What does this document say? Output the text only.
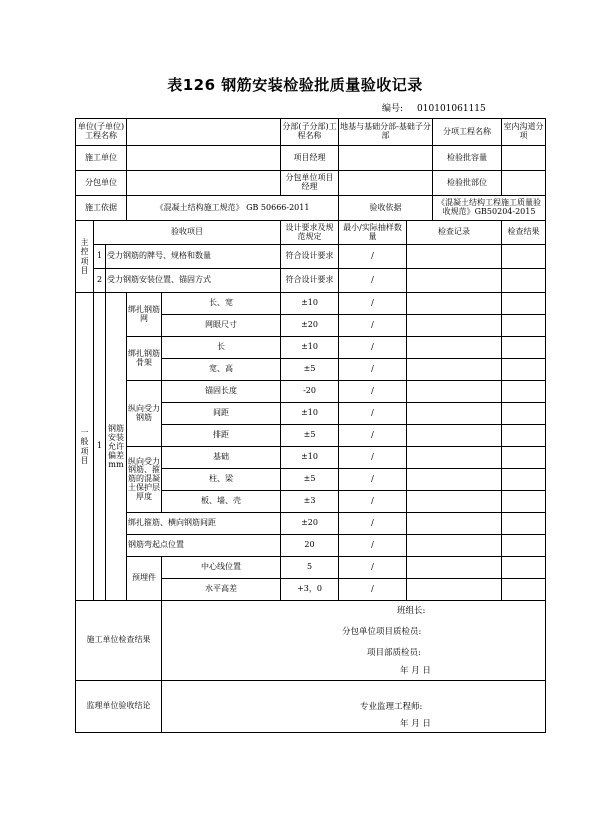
表126 钢筋安装检验批质量验收记录
编号: 010101061115
单位(子单位)工程名称					分部(子分部)工程名称	地基与基础分部-基础子分部		分项工程名称	室内沟道分项
施工单位					项目经理			检验批容量	
分包单位					分包单位项目经理			检验批部位	
施工依据			《混凝土结构施工规范》 GB 50666-2011			验收依据		《混凝土结构工程施工质量验收规范》GB50204-2015	
主控项目	验收项目				设计要求及规范规定	最小/实际抽样数量	检查记录		检查结果
	1	受力钢筋的牌号、规格和数量			符合设计要求	/			
	2	受力钢筋安装位置、锚固方式			符合设计要求	/			
一般项目	1	钢筋安装允许偏差mm	绑扎钢筋网	长、宽	±10	/			
				网眼尺寸	±20	/			
			绑扎钢筋骨架	长	±10	/			
				宽、高	±5	/			
			纵向受力钢筋	锚固长度	-20	/			
				间距	±10	/			
				排距	±5	/			
			纵向受力钢筋、箍筋的混凝土保护层厚度	基础	±10	/			
				柱、梁	±5	/			
				板、墙、壳	±3	/			
			绑扎箍筋、横向钢筋间距		±20	/			
			钢筋弯起点位置		20	/			
			预埋件	中心线位置	5	/			
				水平高差	+3，0	/			
施工单位检查结果				班组长:
分包单位项目质检员:
项目部质检员:
年 月 日					

监理单位验收结论				专业监理工程师:
年 月 日					
